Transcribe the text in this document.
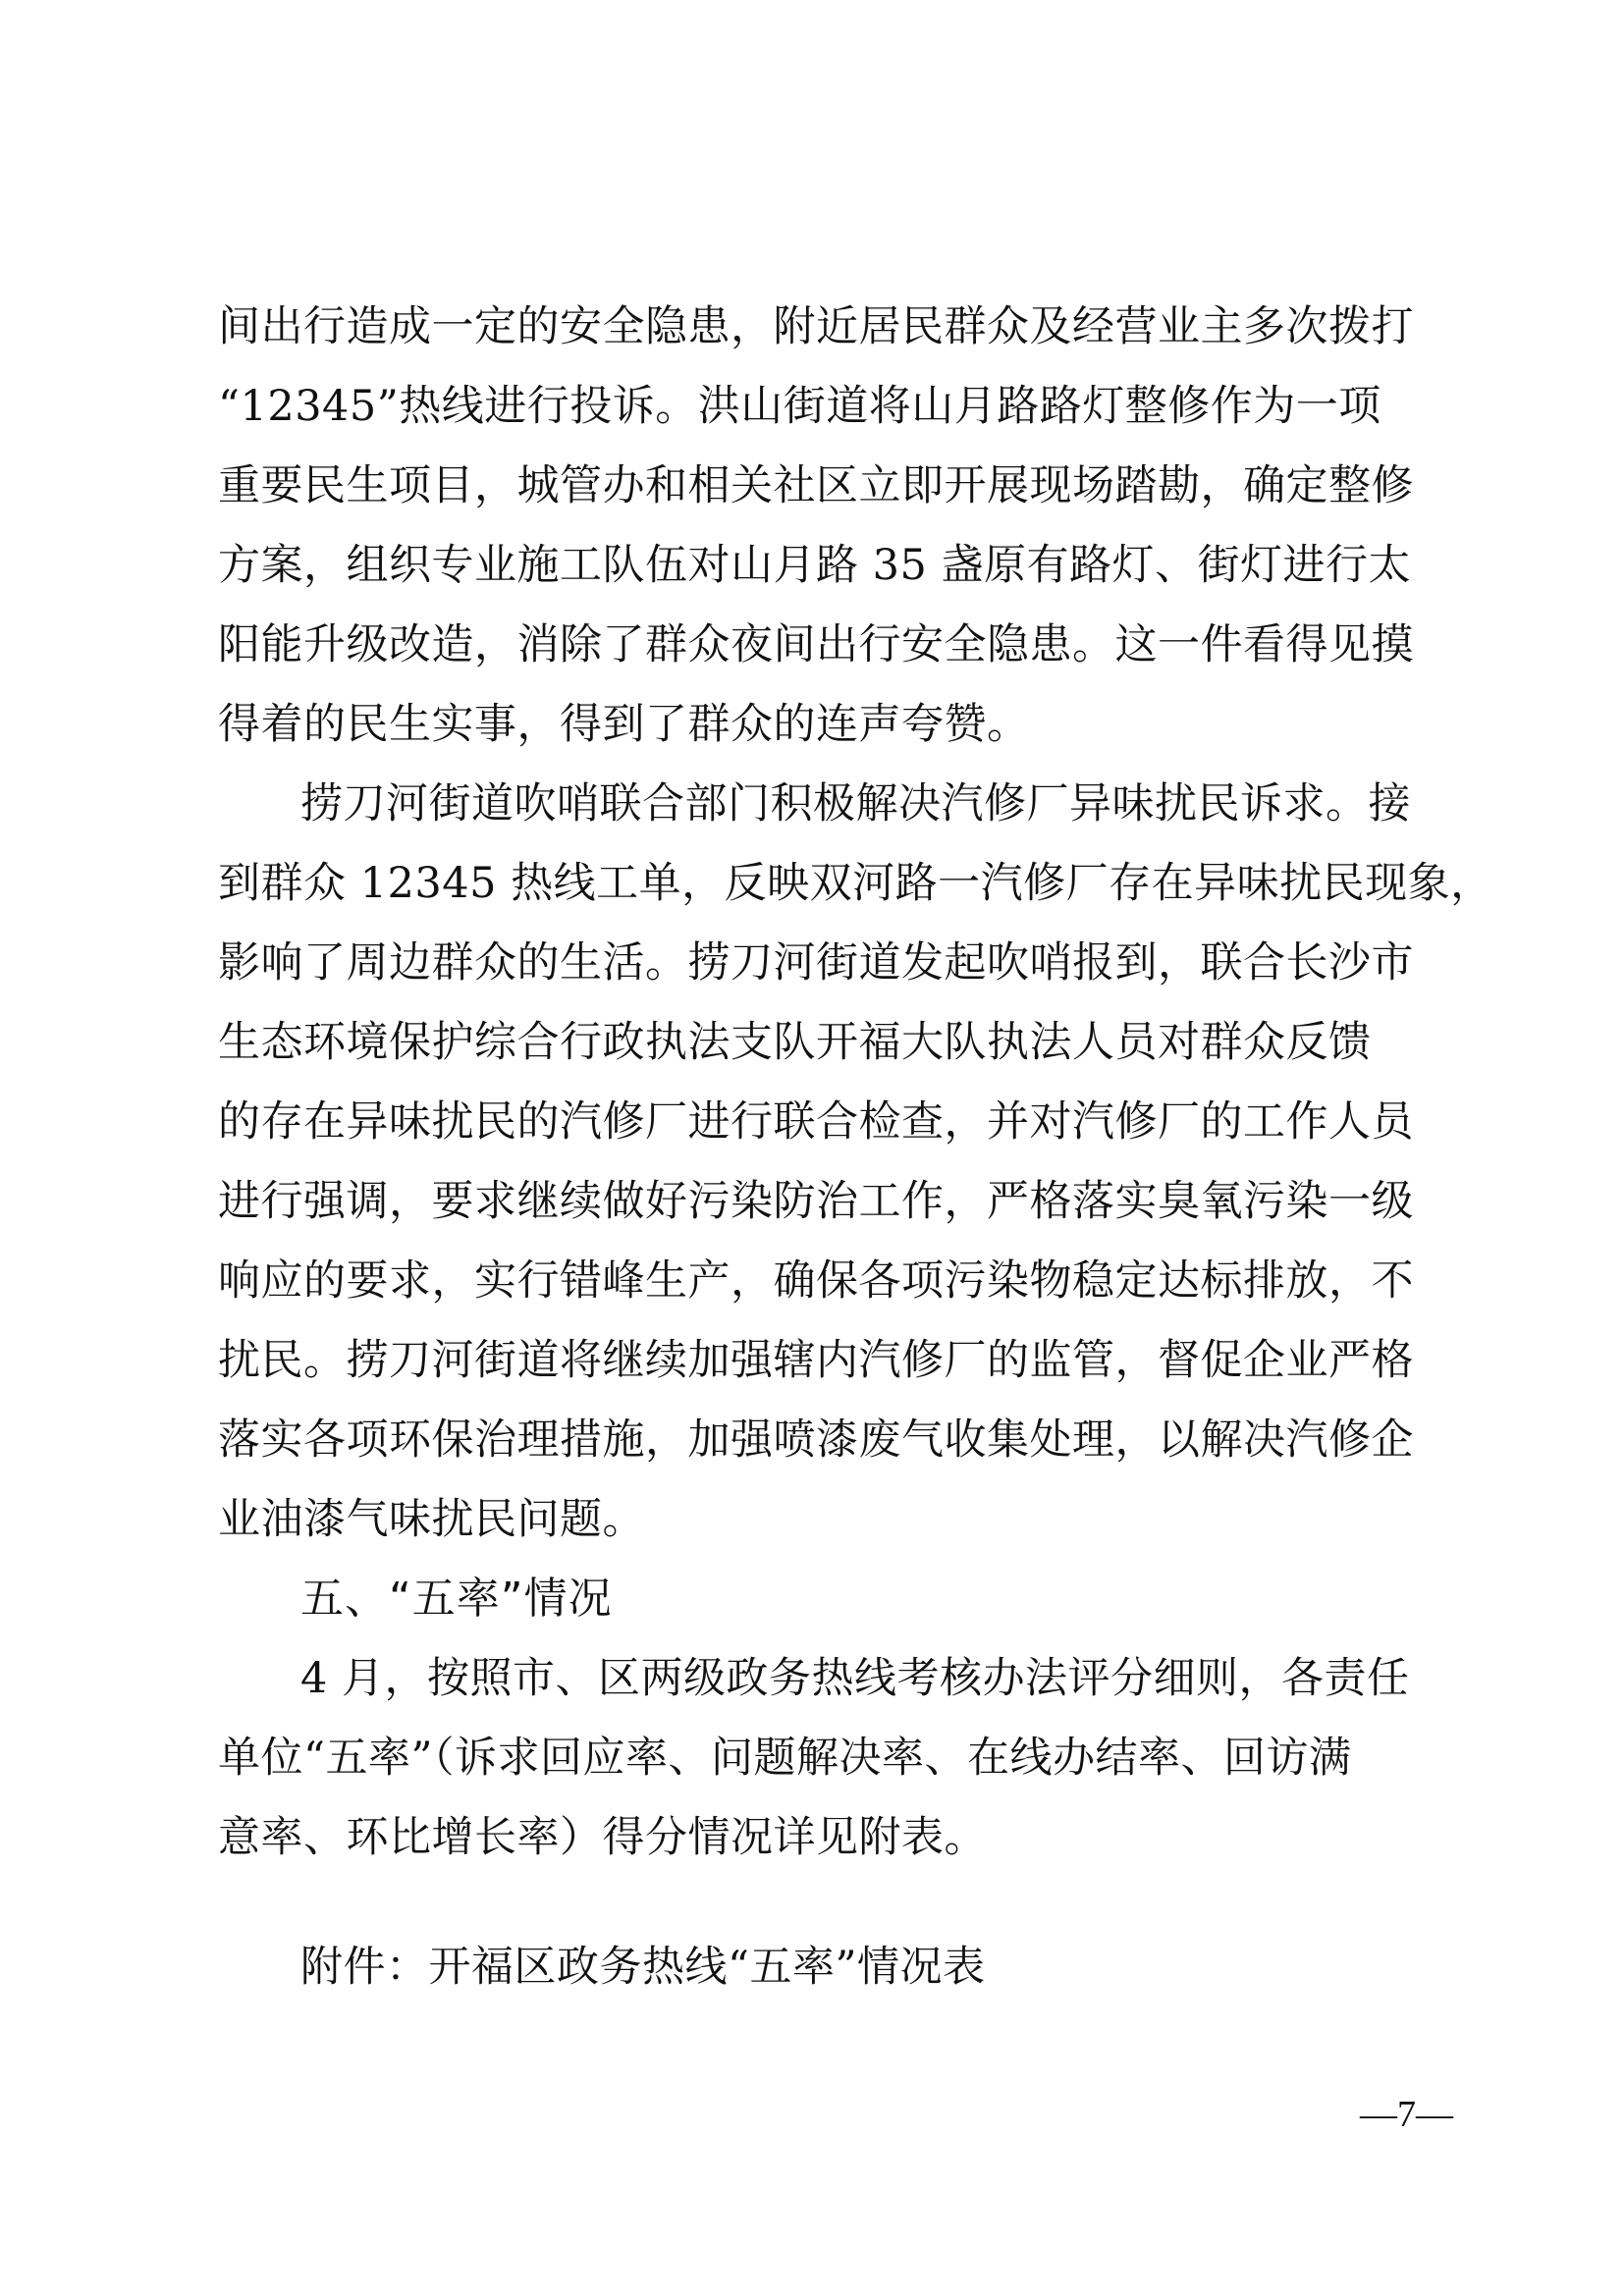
间出行造成一定的安全隐患，附近居民群众及经营业主多次拨打
“12345”热线进行投诉。洪山街道将山月路路灯整修作为一项
重要民生项目，城管办和相关社区立即开展现场踏勘，确定整修
方案，组织专业施工队伍对山月路 35 盏原有路灯、街灯进行太
阳能升级改造，消除了群众夜间出行安全隐患。这一件看得见摸
得着的民生实事，得到了群众的连声夸赞。
捞刀河街道吹哨联合部门积极解决汽修厂异味扰民诉求。接
到群众 12345 热线工单，反映双河路一汽修厂存在异味扰民现象，
影响了周边群众的生活。捞刀河街道发起吹哨报到，联合长沙市
生态环境保护综合行政执法支队开福大队执法人员对群众反馈
的存在异味扰民的汽修厂进行联合检查，并对汽修厂的工作人员
进行强调，要求继续做好污染防治工作，严格落实臭氧污染一级
响应的要求，实行错峰生产，确保各项污染物稳定达标排放，不
扰民。捞刀河街道将继续加强辖内汽修厂的监管，督促企业严格
落实各项环保治理措施，加强喷漆废气收集处理，以解决汽修企
业油漆气味扰民问题。
五、“五率”情况
4 月，按照市、区两级政务热线考核办法评分细则，各责任
单位“五率”（诉求回应率、问题解决率、在线办结率、回访满
意率、环比增长率）得分情况详见附表。
附件：开福区政务热线“五率”情况表
—7—
